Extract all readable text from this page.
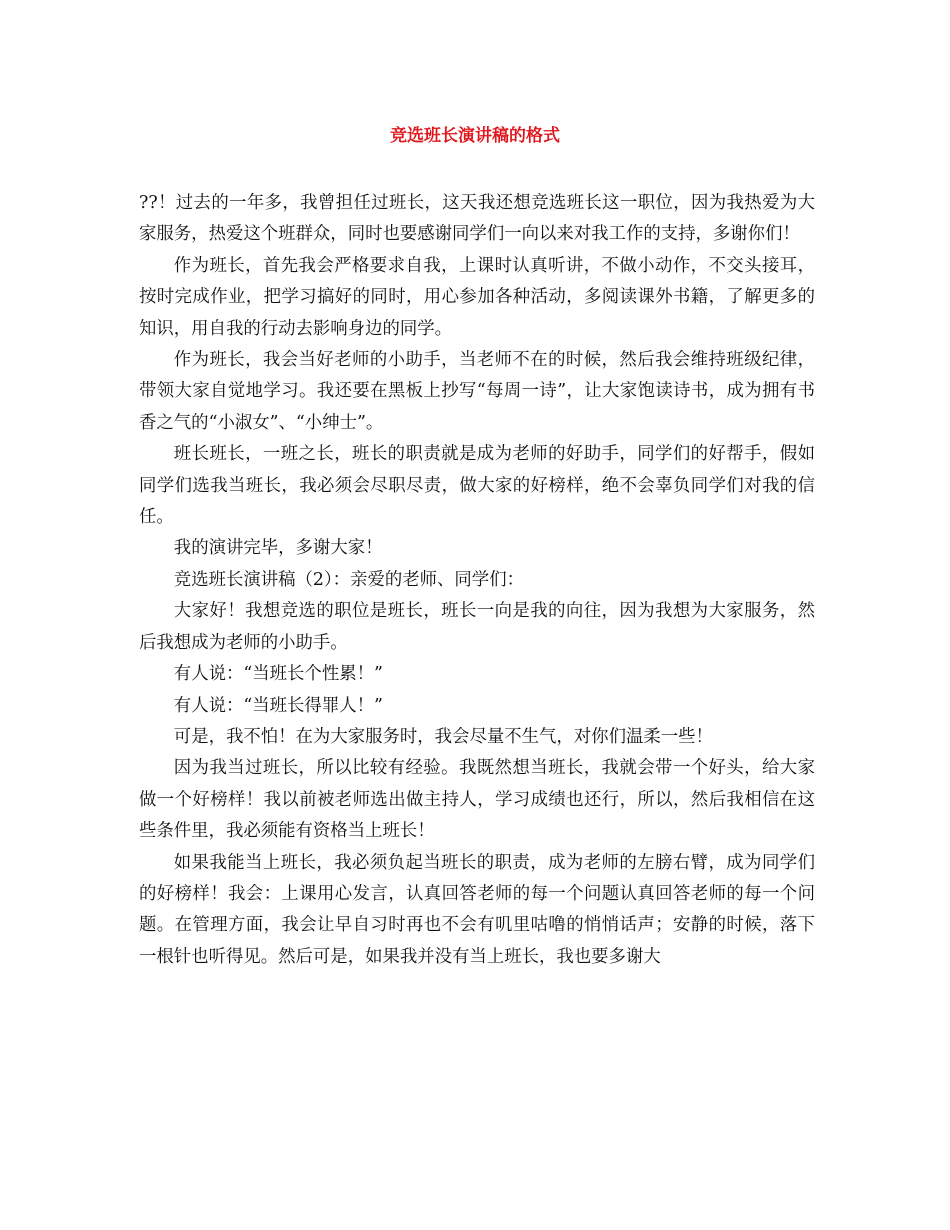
竞选班长演讲稿的格式

??！过去的一年多，我曾担任过班长，这天我还想竞选班长这一职位，因为我热爱为大家服务，热爱这个班群众，同时也要感谢同学们一向以来对我工作的支持，多谢你们！

作为班长，首先我会严格要求自我，上课时认真听讲，不做小动作，不交头接耳，按时完成作业，把学习搞好的同时，用心参加各种活动，多阅读课外书籍，了解更多的知识，用自我的行动去影响身边的同学。

作为班长，我会当好老师的小助手，当老师不在的时候，然后我会维持班级纪律，带领大家自觉地学习。我还要在黑板上抄写“每周一诗”，让大家饱读诗书，成为拥有书香之气的“小淑女”、“小绅士”。

班长班长，一班之长，班长的职责就是成为老师的好助手，同学们的好帮手，假如同学们选我当班长，我必须会尽职尽责，做大家的好榜样，绝不会辜负同学们对我的信任。

我的演讲完毕，多谢大家！

竞选班长演讲稿（2）：亲爱的老师、同学们：

大家好！我想竞选的职位是班长，班长一向是我的向往，因为我想为大家服务，然后我想成为老师的小助手。

有人说：“当班长个性累！”

有人说：“当班长得罪人！”

可是，我不怕！在为大家服务时，我会尽量不生气，对你们温柔一些！

因为我当过班长，所以比较有经验。我既然想当班长，我就会带一个好头，给大家做一个好榜样！我以前被老师选出做主持人，学习成绩也还行，所以，然后我相信在这些条件里，我必须能有资格当上班长！

如果我能当上班长，我必须负起当班长的职责，成为老师的左膀右臂，成为同学们的好榜样！我会：上课用心发言，认真回答老师的每一个问题认真回答老师的每一个问题。在管理方面，我会让早自习时再也不会有叽里咕噜的悄悄话声；安静的时候，落下一根针也听得见。然后可是，如果我并没有当上班长，我也要多谢大
